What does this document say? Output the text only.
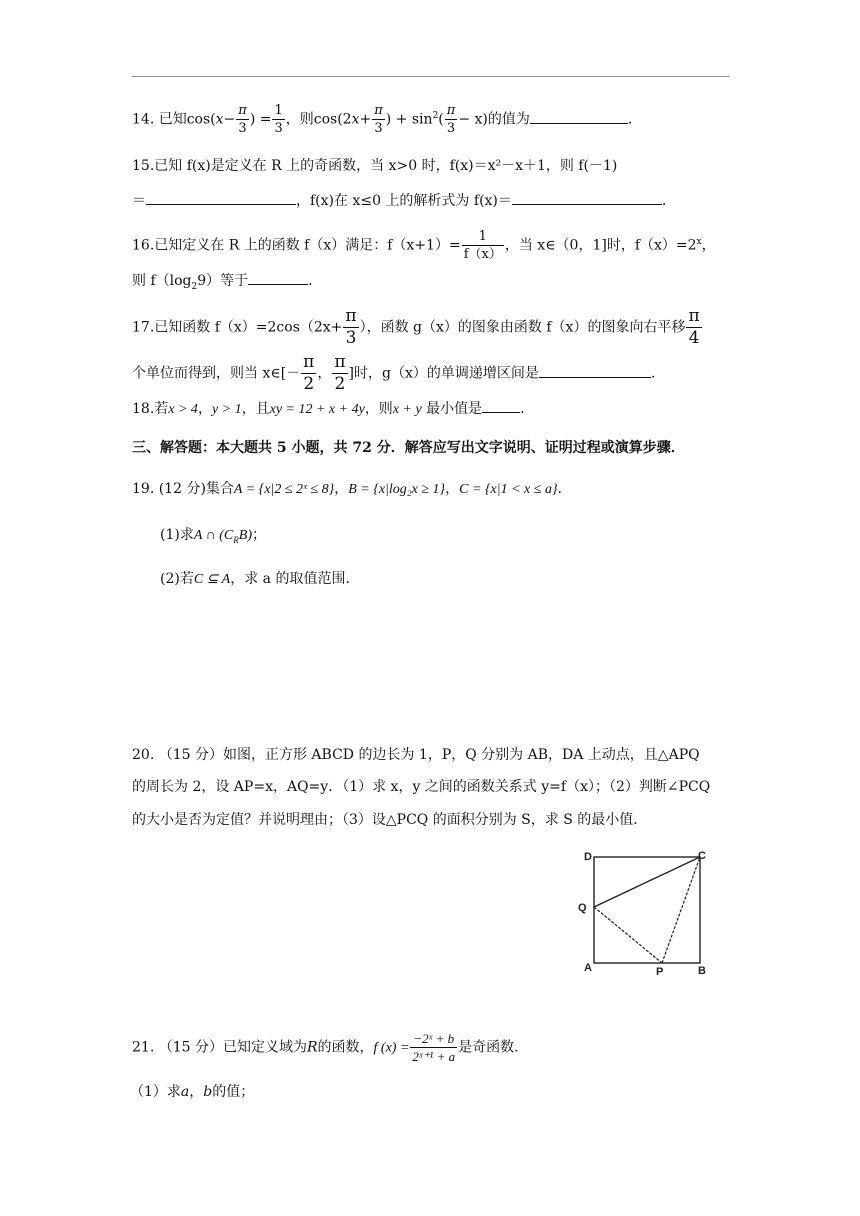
14. 已知$\cos(x- \frac{\pi}{3}$ ) = $\frac{1}{3}$ ，则$\cos(2x+ \frac{\pi}{3}$ ) + $\sin^2( \frac{\pi}{3} - x)$的值为	.
15.已知 f(x)是定义在 R 上的奇函数，当 x>0 时，f(x)＝x²－x＋1，则 f(－1)
＝	，f(x)在 x≤0 上的解析式为 f(x)＝	.
16.已知定义在 R 上的函数 f（x）满足：$f(x+1)= \frac{1}{f(x)}$ ，当 x∈（0，1]时，$f(x)=2^x$，
则 $f(\log_29)$等于	.
17.已知函数 $f(x)=2\cos(2x+ \frac{\pi}{3}$ ），函数 g（x）的图象由函数 f（x）的图象向右平移 $\frac{\pi}{4}$
个单位而得到，则当 x∈[－ $\frac{\pi}{2}$ ， $\frac{\pi}{2}$ ]时，g（x）的单调递增区间是	.
18.若x > 4，y > 1，且xy = 12 + x + 4y，则x + y 最小值是	.
三、解答题：本大题共 5 小题，共 72 分．解答应写出文字说明、证明过程或演算步骤．
19. (12 分)集合A = {x|2 ≤ 2ˣ ≤ 8}，B = {x|log₂x ≥ 1}，C = {x|1 < x ≤ a}.
(1)求A ∩ $(C_RB)$；
(2)若C ⊆ A，求 a 的取值范围.
20. （15 分）如图，正方形 ABCD 的边长为 1，P，Q 分别为 AB，DA 上动点，且△APQ
的周长为 2，设 AP=x，AQ=y．（1）求 x，y 之间的函数关系式 y=f（x）；（2）判断∠PCQ
的大小是否为定值？并说明理由；（3）设△PCQ 的面积分别为 S，求 S 的最小值．
D	C
Q
A	P	B
21. （15 分）已知定义域为R的函数，f $(x) = \frac{\text{−2ˣ + b}}{\text{2ˣ⁺¹ + a}}$ 是奇函数.
（1）求a，b的值；
